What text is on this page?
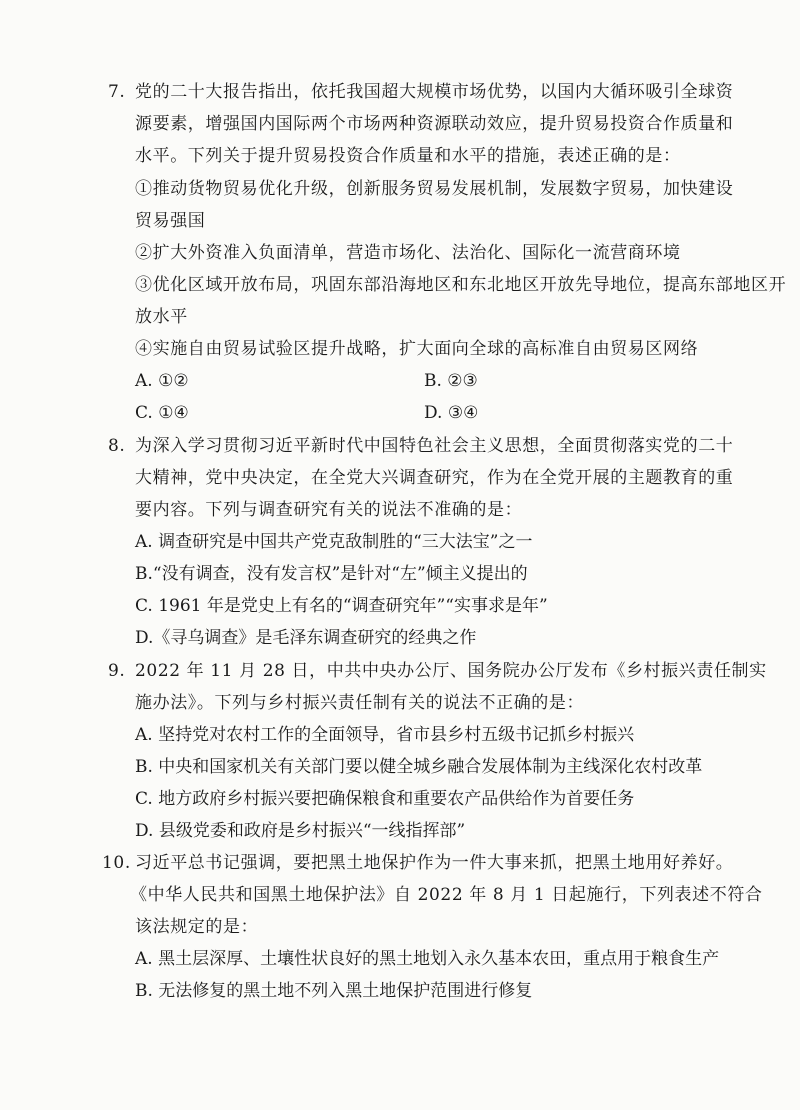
7. 党的二十大报告指出，依托我国超大规模市场优势，以国内大循环吸引全球资
源要素，增强国内国际两个市场两种资源联动效应，提升贸易投资合作质量和
水平。下列关于提升贸易投资合作质量和水平的措施，表述正确的是：
①推动货物贸易优化升级，创新服务贸易发展机制，发展数字贸易，加快建设
贸易强国
②扩大外资准入负面清单，营造市场化、法治化、国际化一流营商环境
③优化区域开放布局，巩固东部沿海地区和东北地区开放先导地位，提高东部地区开
放水平
④实施自由贸易试验区提升战略，扩大面向全球的高标准自由贸易区网络
A. ①②	B. ②③
C. ①④	D. ③④
8. 为深入学习贯彻习近平新时代中国特色社会主义思想，全面贯彻落实党的二十
大精神，党中央决定，在全党大兴调查研究，作为在全党开展的主题教育的重
要内容。下列与调查研究有关的说法不准确的是：
A. 调查研究是中国共产党克敌制胜的“三大法宝”之一
B.“没有调查，没有发言权”是针对“左”倾主义提出的
C. 1961 年是党史上有名的“调查研究年”“实事求是年”
D.《寻乌调查》是毛泽东调查研究的经典之作
9. 2022 年 11 月 28 日，中共中央办公厅、国务院办公厅发布《乡村振兴责任制实
施办法》。下列与乡村振兴责任制有关的说法不正确的是：
A. 坚持党对农村工作的全面领导，省市县乡村五级书记抓乡村振兴
B. 中央和国家机关有关部门要以健全城乡融合发展体制为主线深化农村改革
C. 地方政府乡村振兴要把确保粮食和重要农产品供给作为首要任务
D. 县级党委和政府是乡村振兴“一线指挥部”
10. 习近平总书记强调，要把黑土地保护作为一件大事来抓，把黑土地用好养好。
《中华人民共和国黑土地保护法》自 2022 年 8 月 1 日起施行，下列表述不符合
该法规定的是：
A. 黑土层深厚、土壤性状良好的黑土地划入永久基本农田，重点用于粮食生产
B. 无法修复的黑土地不列入黑土地保护范围进行修复
